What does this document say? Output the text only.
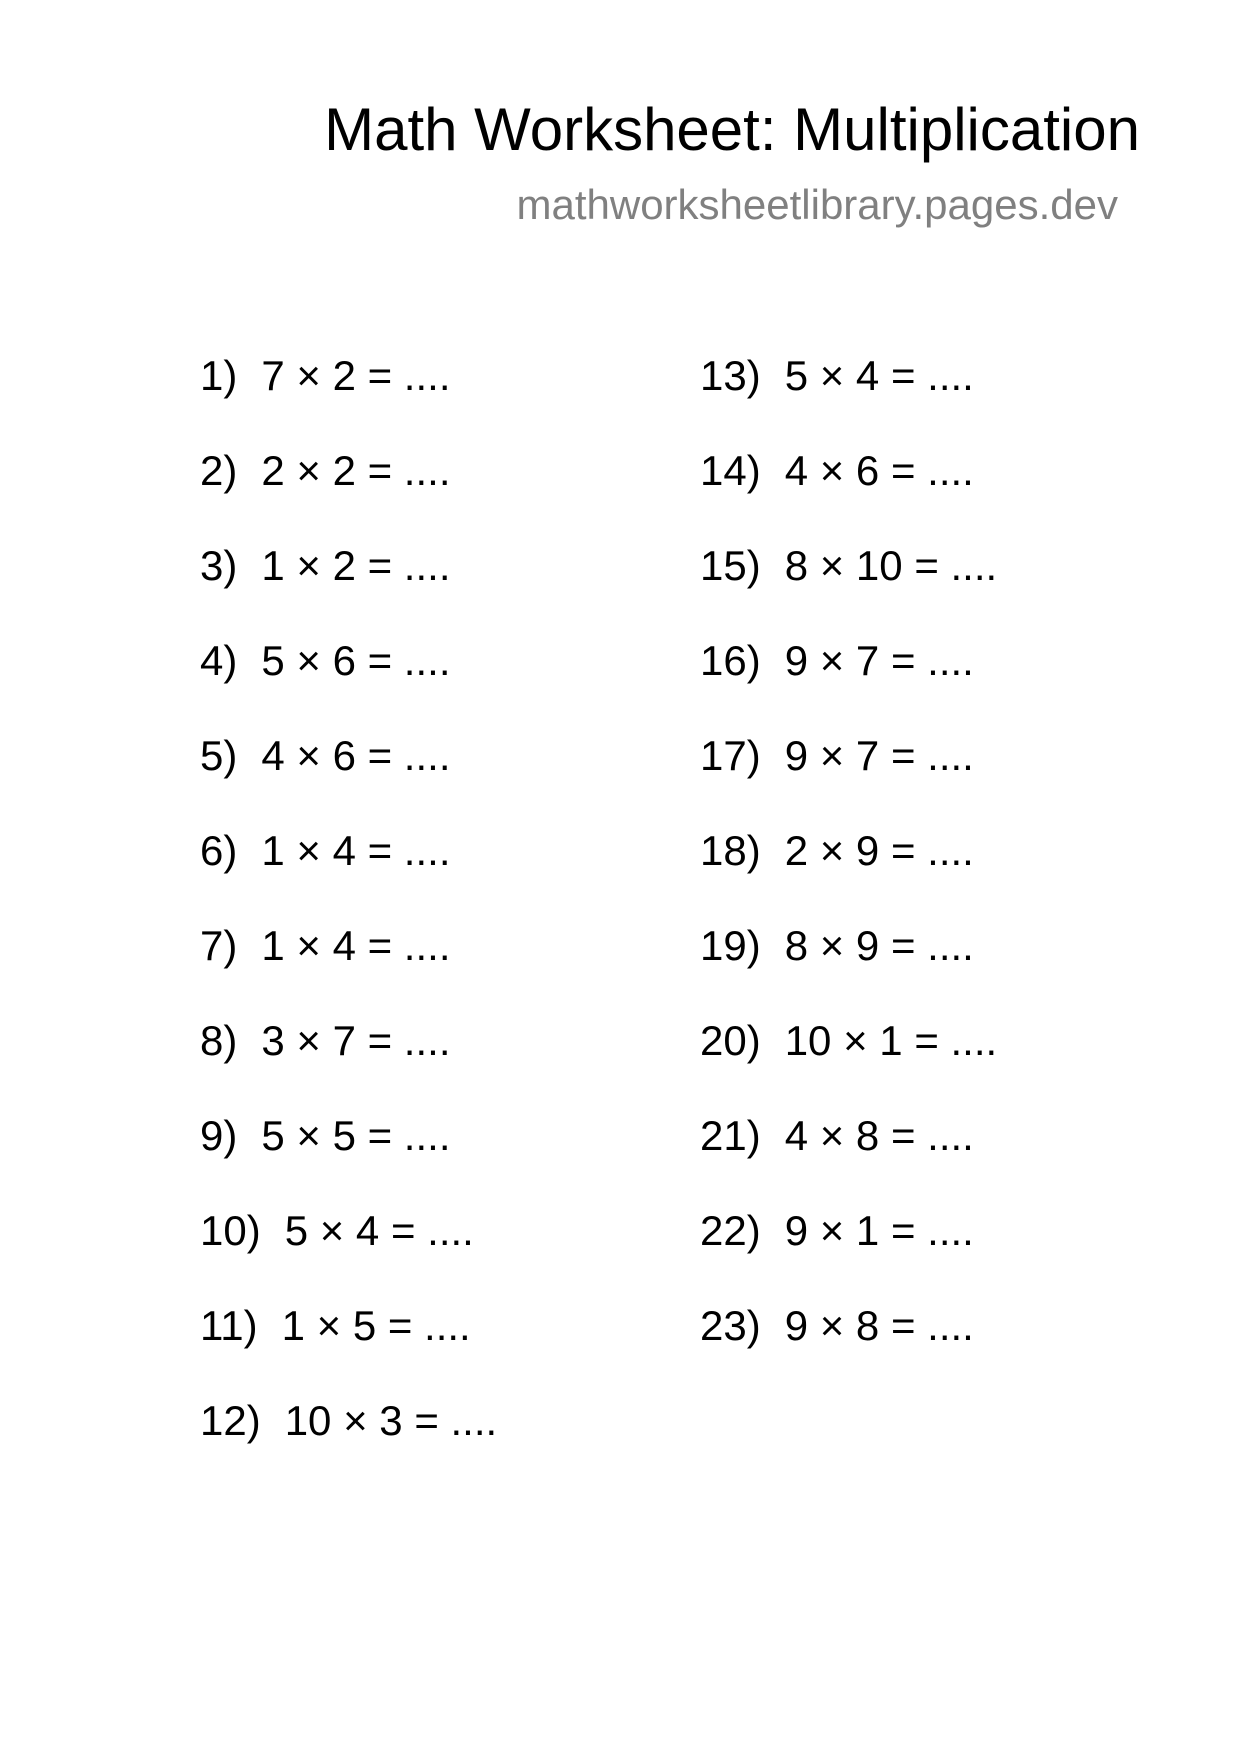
Math Worksheet: Multiplication
mathworksheetlibrary.pages.dev
1) 7 × 2 = ....
2) 2 × 2 = ....
3) 1 × 2 = ....
4) 5 × 6 = ....
5) 4 × 6 = ....
6) 1 × 4 = ....
7) 1 × 4 = ....
8) 3 × 7 = ....
9) 5 × 5 = ....
10) 5 × 4 = ....
11) 1 × 5 = ....
12) 10 × 3 = ....
13) 5 × 4 = ....
14) 4 × 6 = ....
15) 8 × 10 = ....
16) 9 × 7 = ....
17) 9 × 7 = ....
18) 2 × 9 = ....
19) 8 × 9 = ....
20) 10 × 1 = ....
21) 4 × 8 = ....
22) 9 × 1 = ....
23) 9 × 8 = ....
